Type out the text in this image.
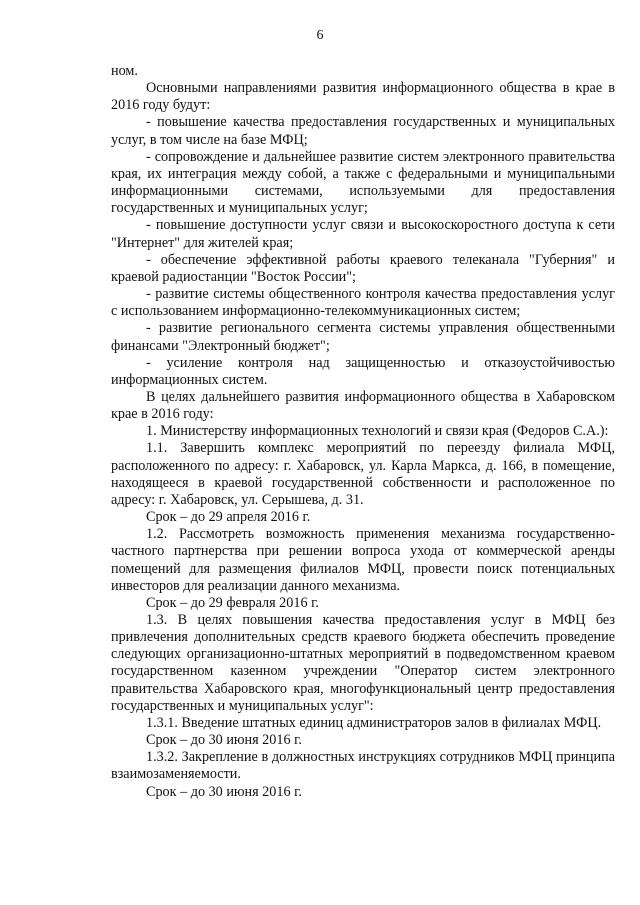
6

ном.

Основными направлениями развития информационного общества в крае в 2016 году будут:

- повышение качества предоставления государственных и муниципальных услуг, в том числе на базе МФЦ;

- сопровождение и дальнейшее развитие систем электронного правительства края, их интеграция между собой, а также с федеральными и муниципальными информационными системами, используемыми для предоставления государственных и муниципальных услуг;

- повышение доступности услуг связи и высокоскоростного доступа к сети "Интернет" для жителей края;

- обеспечение эффективной работы краевого телеканала "Губерния" и краевой радиостанции "Восток России";

- развитие системы общественного контроля качества предоставления услуг с использованием информационно-телекоммуникационных систем;

- развитие регионального сегмента системы управления общественными финансами "Электронный бюджет";

- усиление контроля над защищенностью и отказоустойчивостью информационных систем.

В целях дальнейшего развития информационного общества в Хабаровском крае в 2016 году:

1. Министерству информационных технологий и связи края (Федоров С.А.):

1.1. Завершить комплекс мероприятий по переезду филиала МФЦ, расположенного по адресу: г. Хабаровск, ул. Карла Маркса, д. 166, в помещение, находящееся в краевой государственной собственности и расположенное по адресу: г. Хабаровск, ул. Серышева, д. 31.

Срок – до 29 апреля 2016 г.

1.2. Рассмотреть возможность применения механизма государственно-частного партнерства при решении вопроса ухода от коммерческой аренды помещений для размещения филиалов МФЦ, провести поиск потенциальных инвесторов для реализации данного механизма.

Срок – до 29 февраля 2016 г.

1.3. В целях повышения качества предоставления услуг в МФЦ без привлечения дополнительных средств краевого бюджета обеспечить проведение следующих организационно-штатных мероприятий в подведомственном краевом государственном казенном учреждении "Оператор систем электронного правительства Хабаровского края, многофункциональный центр предоставления государственных и муниципальных услуг":

1.3.1. Введение штатных единиц администраторов залов в филиалах МФЦ.

Срок – до 30 июня 2016 г.

1.3.2. Закрепление в должностных инструкциях сотрудников МФЦ принципа взаимозаменяемости.

Срок – до 30 июня 2016 г.
